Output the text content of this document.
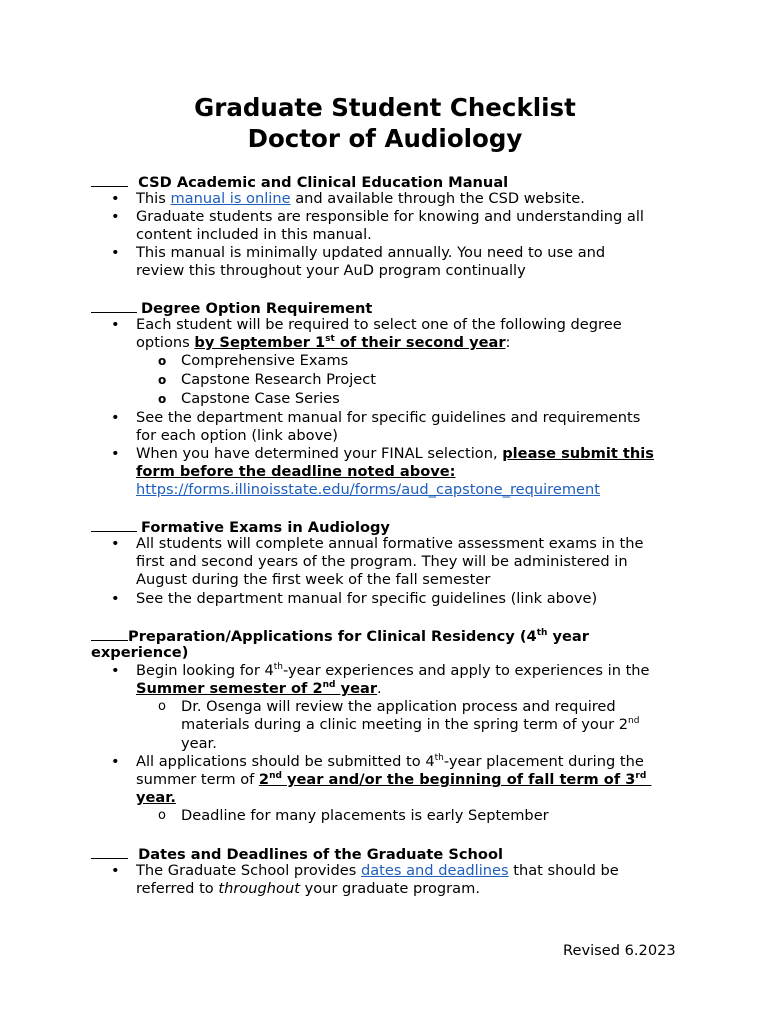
Graduate Student Checklist
Doctor of Audiology
CSD Academic and Clinical Education Manual
• This manual is online and available through the CSD website.
• Graduate students are responsible for knowing and understanding all
content included in this manual.
• This manual is minimally updated annually. You need to use and
review this throughout your AuD program continually
Degree Option Requirement
• Each student will be required to select one of the following degree
options by September 1st of their second year:
o Comprehensive Exams
o Capstone Research Project
o Capstone Case Series
• See the department manual for specific guidelines and requirements
for each option (link above)
• When you have determined your FINAL selection, please submit this
form before the deadline noted above:
https://forms.illinoisstate.edu/forms/aud_capstone_requirement
Formative Exams in Audiology
• All students will complete annual formative assessment exams in the
first and second years of the program. They will be administered in
August during the first week of the fall semester
• See the department manual for specific guidelines (link above)
Preparation/Applications for Clinical Residency (4th year
experience)
• Begin looking for 4th-year experiences and apply to experiences in the
Summer semester of 2nd year.
o Dr. Osenga will review the application process and required
materials during a clinic meeting in the spring term of your 2nd
year.
• All applications should be submitted to 4th-year placement during the
summer term of 2nd year and/or the beginning of fall term of 3rd
year.
o Deadline for many placements is early September
Dates and Deadlines of the Graduate School
• The Graduate School provides dates and deadlines that should be
referred to throughout your graduate program.
Revised 6.2023
